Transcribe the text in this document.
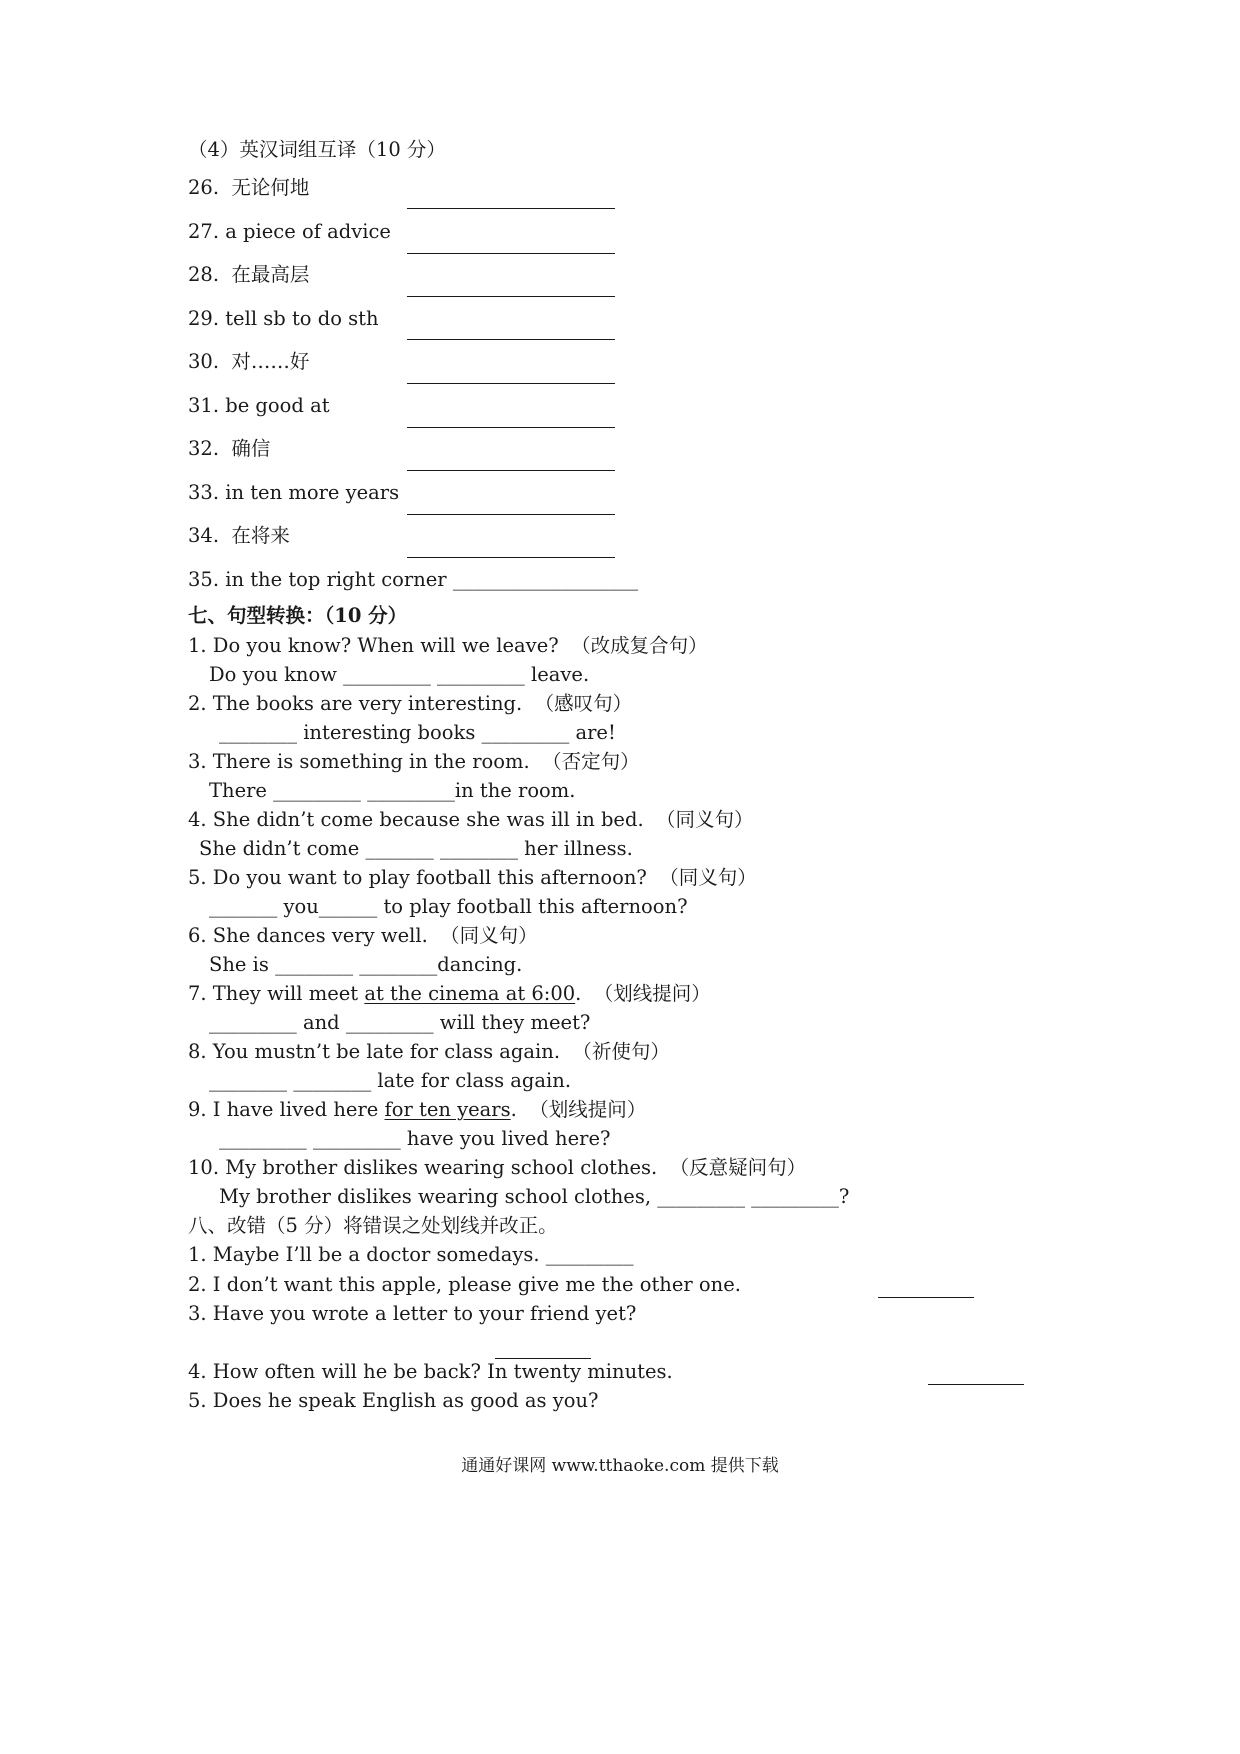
（4）英汉词组互译（10 分）
26.  无论何地
27. a piece of advice
28.  在最高层
29. tell sb to do sth
30.  对……好
31. be good at
32.  确信
33. in ten more years
34.  在将来
35. in the top right corner ___________________
七、句型转换：（10 分）
1. Do you know? When will we leave?  （改成复合句）
Do you know _________ _________ leave.
2. The books are very interesting.  （感叹句）
________ interesting books _________ are!
3. There is something in the room.  （否定句）
There _________ _________in the room.
4. She didn’t come because she was ill in bed.  （同义句）
She didn’t come _______ ________ her illness.
5. Do you want to play football this afternoon?  （同义句）
_______ you______ to play football this afternoon?
6. She dances very well.  （同义句）
She is ________ ________dancing.
7. They will meet at the cinema at 6:00.  （划线提问）
_________ and _________ will they meet?
8. You mustn’t be late for class again.  （祈使句）
________ ________ late for class again.
9. I have lived here for ten years.  （划线提问）
_________ _________ have you lived here?
10. My brother dislikes wearing school clothes.  （反意疑问句）
My brother dislikes wearing school clothes, _________ _________?
八、改错（5 分）将错误之处划线并改正。
1. Maybe I’ll be a doctor somedays. _________
2. I don’t want this apple, please give me the other one.
3. Have you wrote a letter to your friend yet?
4. How often will he be back? In twenty minutes.
5. Does he speak English as good as you?
通通好课网 www.tthaoke.com 提供下载
